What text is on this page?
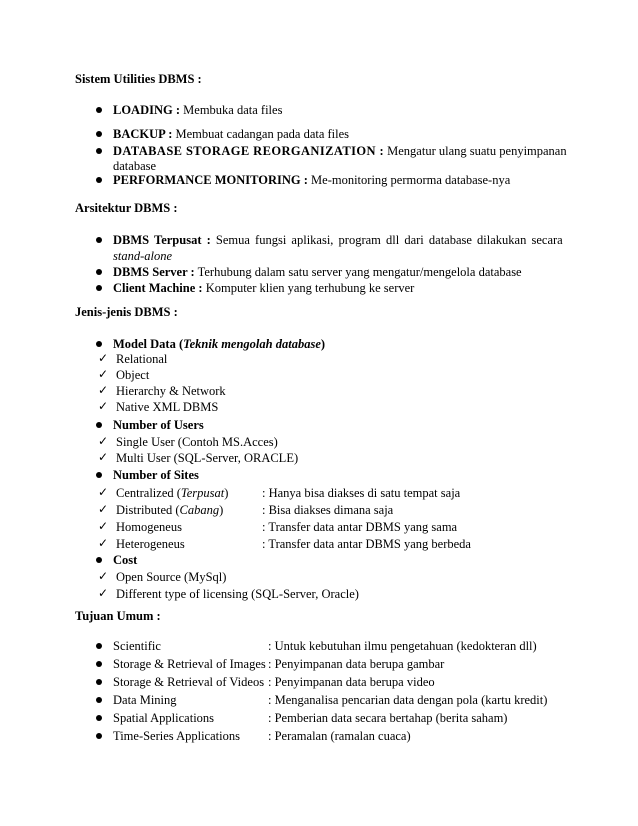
Sistem Utilities DBMS :
LOADING : Membuka data files
BACKUP : Membuat cadangan pada data files
DATABASE STORAGE REORGANIZATION : Mengatur ulang suatu penyimpanan
database
PERFORMANCE MONITORING : Me-monitoring permorma database-nya
Arsitektur DBMS :
DBMS Terpusat : Semua fungsi aplikasi, program dll dari database dilakukan secara
stand-alone
DBMS Server : Terhubung dalam satu server yang mengatur/mengelola database
Client Machine : Komputer klien yang terhubung ke server
Jenis-jenis DBMS :
Model Data (Teknik mengolah database)
✓ Relational
✓ Object
✓ Hierarchy & Network
✓ Native XML DBMS
Number of Users
✓ Single User (Contoh MS.Acces)
✓ Multi User (SQL-Server, ORACLE)
Number of Sites
✓ Centralized (Terpusat)	: Hanya bisa diakses di satu tempat saja
✓ Distributed (Cabang)	: Bisa diakses dimana saja
✓ Homogeneus	: Transfer data antar DBMS yang sama
✓ Heterogeneus	: Transfer data antar DBMS yang berbeda
Cost
✓ Open Source (MySql)
✓ Different type of licensing (SQL-Server, Oracle)
Tujuan Umum :
Scientific	: Untuk kebutuhan ilmu pengetahuan (kedokteran dll)
Storage & Retrieval of Images : Penyimpanan data berupa gambar
Storage & Retrieval of Videos : Penyimpanan data berupa video
Data Mining	: Menganalisa pencarian data dengan pola (kartu kredit)
Spatial Applications	: Pemberian data secara bertahap (berita saham)
Time-Series Applications : Peramalan (ramalan cuaca)
